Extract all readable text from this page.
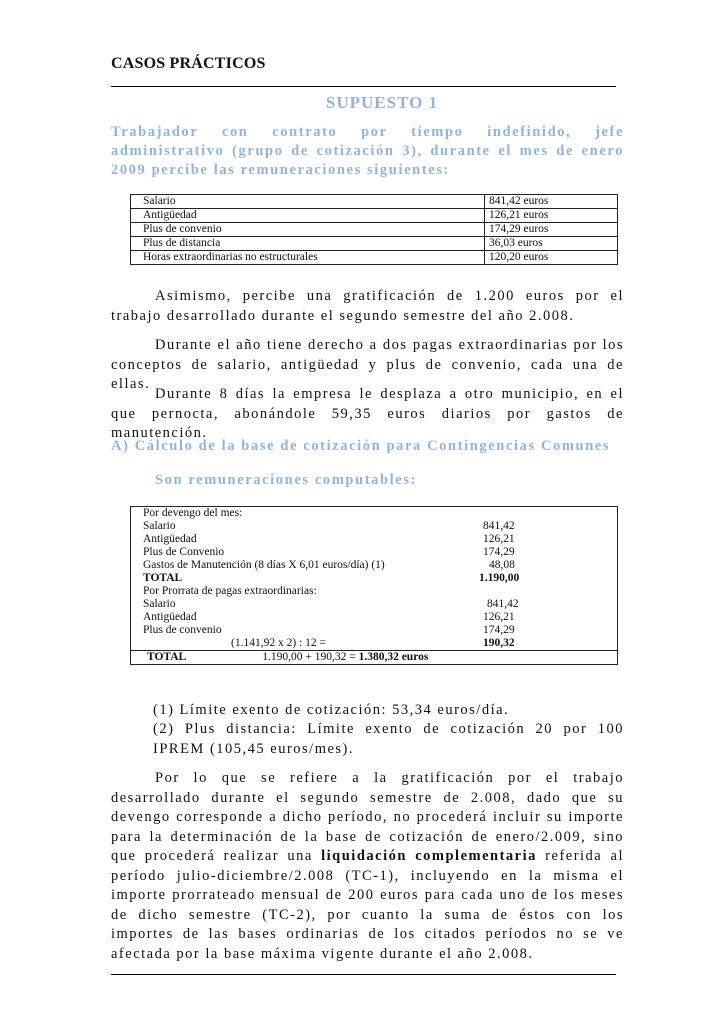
CASOS PRÁCTICOS
SUPUESTO 1
Trabajador con contrato por tiempo indefinido, jefe administrativo (grupo de cotización 3), durante el mes de enero 2009 percibe las remuneraciones siguientes:
Salario	841,42 euros
Antigüedad	126,21 euros
Plus de convenio	174,29 euros
Plus de distancia	36,03 euros
Horas extraordinarias no estructurales	120,20 euros
Asimismo, percibe una gratificación de 1.200 euros por el trabajo desarrollado durante el segundo semestre del año 2.008.
Durante el año tiene derecho a dos pagas extraordinarias por los conceptos de salario, antigüedad y plus de convenio, cada una de ellas.
Durante 8 días la empresa le desplaza a otro municipio, en el que pernocta, abonándole 59,35 euros diarios por gastos de manutención.
A) Cálculo de la base de cotización para Contingencias Comunes
Son remuneraciones computables:
Por devengo del mes:	
Salario	841,42
Antigüedad	126,21
Plus de Convenio	174,29
Gastos de Manutención (8 días X 6,01 euros/día) (1)	48,08
TOTAL	1.190,00
Por Prorrata de pagas extraordinarias:	
Salario	841,42
Antigüedad	126,21
Plus de convenio	174,29
(1.141,92 x 2) : 12 =	190,32
TOTAL 1.190,00 + 190,32 = 1.380,32 euros	
(1) Límite exento de cotización: 53,34 euros/día.
(2) Plus distancia: Límite exento de cotización 20 por 100 IPREM (105,45 euros/mes).
Por lo que se refiere a la gratificación por el trabajo desarrollado durante el segundo semestre de 2.008, dado que su devengo corresponde a dicho período, no procederá incluir su importe para la determinación de la base de cotización de enero/2.009, sino que procederá realizar una liquidación complementaria referida al período julio-diciembre/2.008 (TC-1), incluyendo en la misma el importe prorrateado mensual de 200 euros para cada uno de los meses de dicho semestre (TC-2), por cuanto la suma de éstos con los importes de las bases ordinarias de los citados períodos no se ve afectada por la base máxima vigente durante el año 2.008.
